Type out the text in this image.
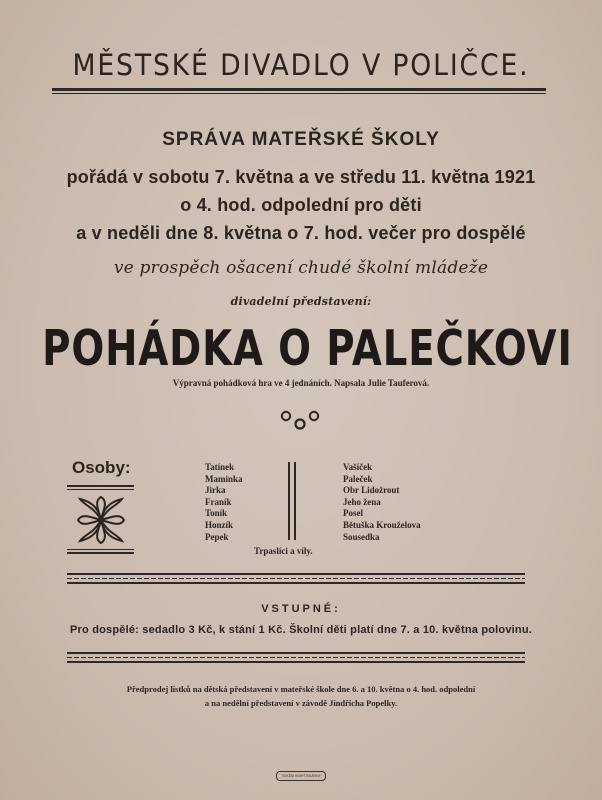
MĚSTSKÉ DIVADLO V POLIČCE.
SPRÁVA MATEŘSKÉ ŠKOLY
pořádá v sobotu 7. května a ve středu 11. května 1921
o 4. hod. odpolední pro děti
a v neděli dne 8. května o 7. hod. večer pro dospělé
ve prospěch ošacení chudé školní mládeže
divadelní představení:
POHÁDKA O PALEČKOVI
Výpravná pohádková hra ve 4 jednáních. Napsala Julie Tauferová.
Osoby:	Tatínek
Maminka
Jirka
Franík
Toník
Honzík
Pepek
Vašíček
Paleček
Obr Lidožrout
Jeho žena
Posel
Bětuška Krouželova
Sousedka
Trpaslíci a víly.
VSTUPNÉ:
Pro dospělé: sedadlo 3 Kč, k stání 1 Kč. Školní děti platí dne 7. a 10. května polovinu.
Předprodej lístků na dětská představení v mateřské škole dne 6. a 10. května o 4. hod. odpolední
a na nedělní představení v závodě Jindřicha Popelky.
TISKEM KNIHTISKÁRNY
